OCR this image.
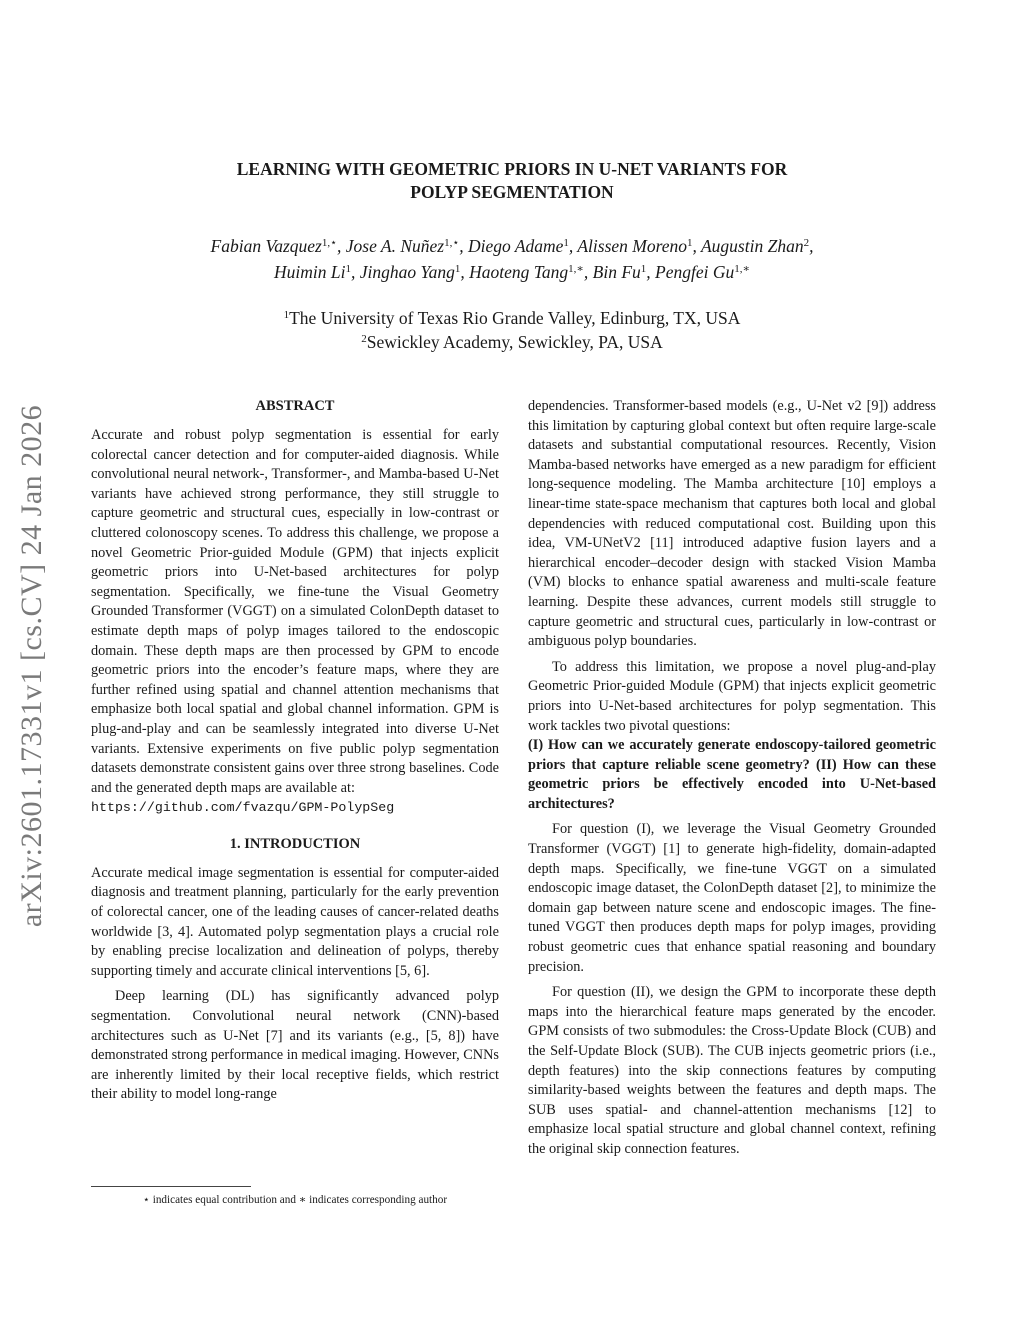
arXiv:2601.17331v1 [cs.CV] 24 Jan 2026
LEARNING WITH GEOMETRIC PRIORS IN U-NET VARIANTS FOR
POLYP SEGMENTATION
Fabian Vazquez$^{1,⋆}$, Jose A. Nuñez$^{1,⋆}$, Diego Adame$^1$, Alissen Moreno$^1$, Augustin Zhan$^2$,
Huimin Li$^1$, Jinghao Yang$^1$, Haoteng Tang$^{1,∗}$, Bin Fu$^1$, Pengfei $Gu^{1,∗}$
$^1$The University of Texas Rio Grande Valley, Edinburg, TX, USA
$^2$Sewickley Academy, Sewickley, PA, USA
ABSTRACT

Accurate and robust polyp segmentation is essential for early colorectal cancer detection and for computer-aided diagnosis. While convolutional neural network-, Transformer-, and Mamba-based U-Net variants have achieved strong performance, they still struggle to capture geometric and structural cues, especially in low-contrast or cluttered colonoscopy scenes. To address this challenge, we propose a novel Geometric Prior-guided Module (GPM) that injects explicit geometric priors into U-Net-based architectures for polyp segmentation. Specifically, we fine-tune the Visual Geometry Grounded Transformer (VGGT) on a simulated ColonDepth dataset to estimate depth maps of polyp images tailored to the endoscopic domain. These depth maps are then processed by GPM to encode geometric priors into the encoder’s feature maps, where they are further refined using spatial and channel attention mechanisms that emphasize both local spatial and global channel information. GPM is plug-and-play and can be seamlessly integrated into diverse U-Net variants. Extensive experiments on five public polyp segmentation datasets demonstrate consistent gains over three strong baselines. Code and the generated depth maps are available at:
https://github.com/fvazqu/GPM-PolypSeg

1. INTRODUCTION

Accurate medical image segmentation is essential for computer-aided diagnosis and treatment planning, particularly for the early prevention of colorectal cancer, one of the leading causes of cancer-related deaths worldwide [3, 4]. Automated polyp segmentation plays a crucial role by enabling precise localization and delineation of polyps, thereby supporting timely and accurate clinical interventions [5, 6].

Deep learning (DL) has significantly advanced polyp segmentation. Convolutional neural network (CNN)-based architectures such as U-Net [7] and its variants (e.g., [5, 8]) have demonstrated strong performance in medical imaging. However, CNNs are inherently limited by their local receptive fields, which restrict their ability to model long-range

⋆ indicates equal contribution and ∗ indicates corresponding author

dependencies. Transformer-based models (e.g., U-Net v2 [9]) address this limitation by capturing global context but often require large-scale datasets and substantial computational resources. Recently, Vision Mamba-based networks have emerged as a new paradigm for efficient long-sequence modeling. The Mamba architecture [10] employs a linear-time state-space mechanism that captures both local and global dependencies with reduced computational cost. Building upon this idea, VM-UNetV2 [11] introduced adaptive fusion layers and a hierarchical encoder–decoder design with stacked Vision Mamba (VM) blocks to enhance spatial awareness and multi-scale feature learning. Despite these advances, current models still struggle to capture geometric and structural cues, particularly in low-contrast or ambiguous polyp boundaries.

To address this limitation, we propose a novel plug-and-play Geometric Prior-guided Module (GPM) that injects explicit geometric priors into U-Net-based architectures for polyp segmentation. This work tackles two pivotal questions:

(I) How can we accurately generate endoscopy-tailored geometric priors that capture reliable scene geometry? (II) How can these geometric priors be effectively encoded into U-Net-based architectures?

For question (I), we leverage the Visual Geometry Grounded Transformer (VGGT) [1] to generate high-fidelity, domain-adapted depth maps. Specifically, we fine-tune VGGT on a simulated endoscopic image dataset, the ColonDepth dataset [2], to minimize the domain gap between nature scene and endoscopic images. The fine-tuned VGGT then produces depth maps for polyp images, providing robust geometric cues that enhance spatial reasoning and boundary precision.

For question (II), we design the GPM to incorporate these depth maps into the hierarchical feature maps generated by the encoder. GPM consists of two submodules: the Cross-Update Block (CUB) and the Self-Update Block (SUB). The CUB injects geometric priors (i.e., depth features) into the skip connections features by computing similarity-based weights between the features and depth maps. The SUB uses spatial- and channel-attention mechanisms [12] to emphasize local spatial structure and global channel context, refining the original skip connection features.
